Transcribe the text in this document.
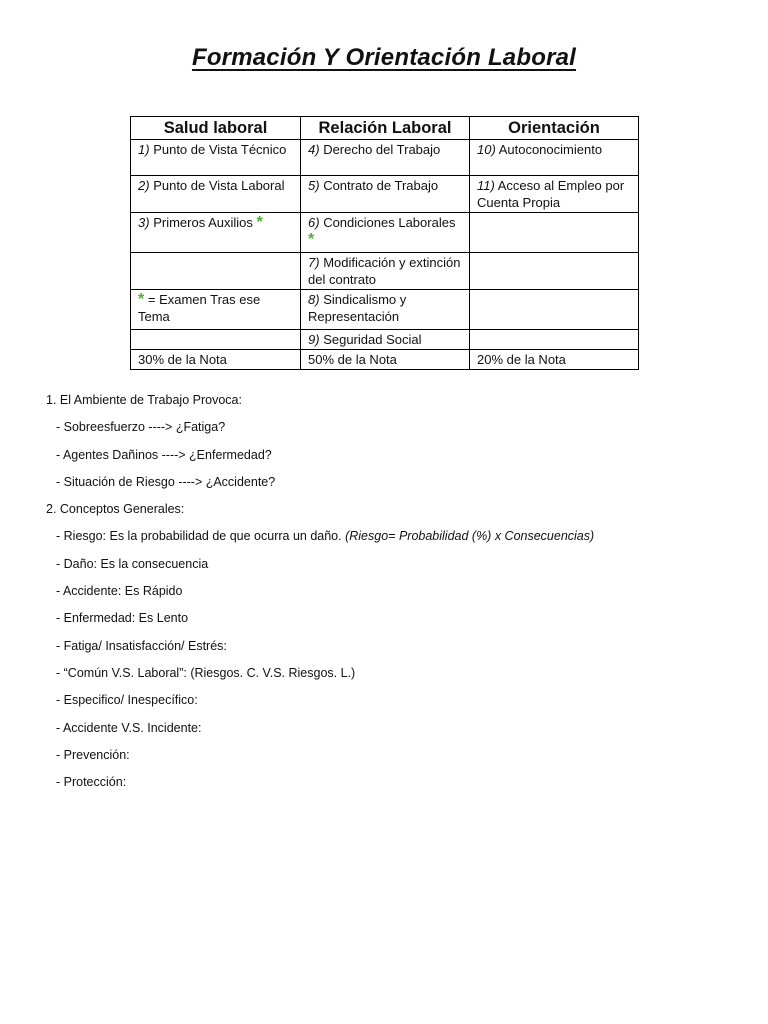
Formación Y Orientación Laboral
Salud laboral	Relación Laboral	Orientación
1) Punto de Vista Técnico	4) Derecho del Trabajo	10) Autoconocimiento
2) Punto de Vista Laboral	5) Contrato de Trabajo	11) Acceso al Empleo por Cuenta Propia
3) Primeros Auxilios *	6) Condiciones Laborales *	
	7) Modificación y extinción del contrato	
* = Examen Tras ese Tema	8) Sindicalismo y Representación	
	9) Seguridad Social	
30% de la Nota	50% de la Nota	20% de la Nota
1. El Ambiente de Trabajo Provoca:
- Sobreesfuerzo ----> ¿Fatiga?
- Agentes Dañinos ----> ¿Enfermedad?
- Situación de Riesgo ----> ¿Accidente?
2. Conceptos Generales:
- Riesgo: Es la probabilidad de que ocurra un daño. (Riesgo= Probabilidad (%) x Consecuencias)
- Daño: Es la consecuencia
- Accidente: Es Rápido
- Enfermedad: Es Lento
- Fatiga/ Insatisfacción/ Estrés:
- “Común V.S. Laboral”: (Riesgos. C. V.S. Riesgos. L.)
- Especifico/ Inespecífico:
- Accidente V.S. Incidente:
- Prevención:
- Protección:
